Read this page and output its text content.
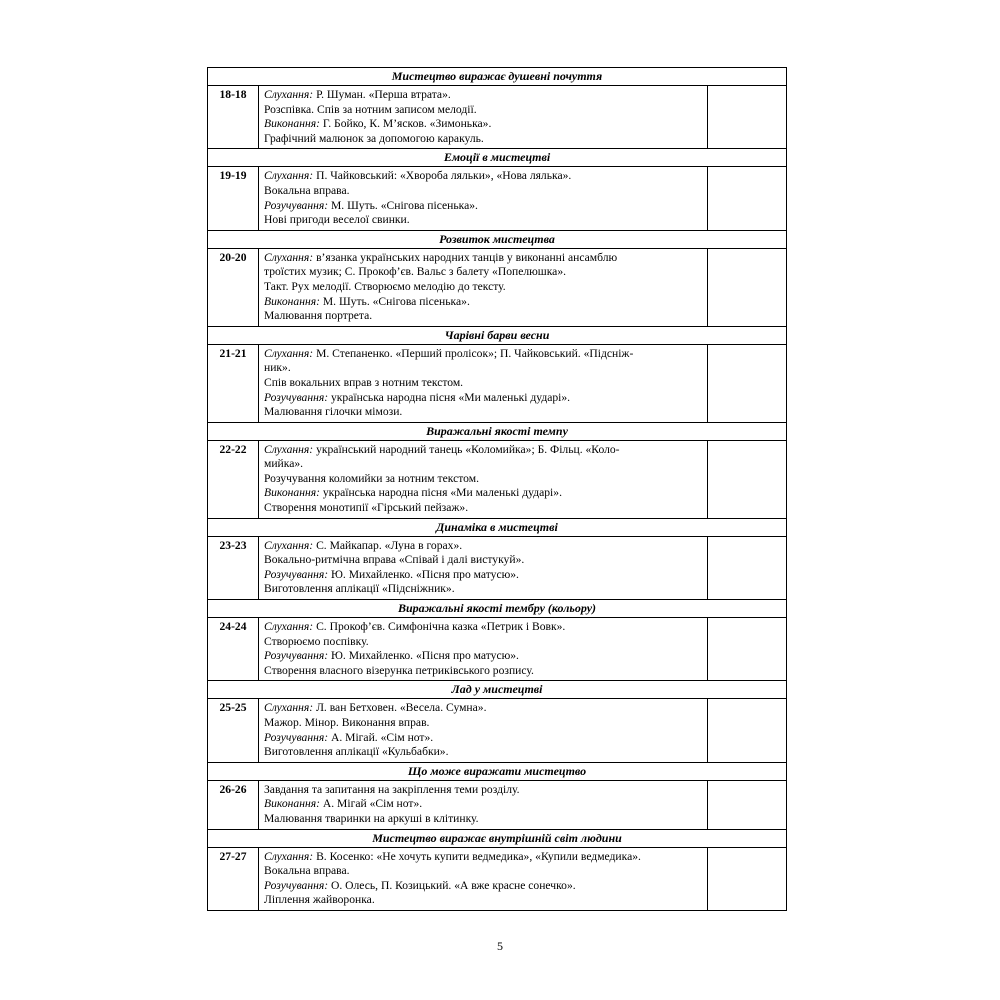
Мистецтво виражає душевні почуття		
18-18	Слухання: Р. Шуман. «Перша втрата».
Розспівка. Спів за нотним записом мелодії.
Виконання: Г. Бойко, К. М’ясков. «Зимонька».
Графічний малюнок за допомогою каракуль.	

Емоції в мистецтві		
19-19	Слухання: П. Чайковський: «Хвороба ляльки», «Нова лялька».
Вокальна вправа.
Розучування: М. Шуть. «Снігова пісенька».
Нові пригоди веселої свинки.	

Розвиток мистецтва		
20-20	Слухання: в’язанка українських народних танців у виконанні ансамблю
троїстих музик; С. Прокоф’єв. Вальс з балету «Попелюшка».
Такт. Рух мелодії. Створюємо мелодію до тексту.
Виконання: М. Шуть. «Снігова пісенька».
Малювання портрета.	

Чарівні барви весни		
21-21	Слухання: М. Степаненко. «Перший пролісок»; П. Чайковський. «Підсніж-
ник».
Спів вокальних вправ з нотним текстом.
Розучування: українська народна пісня «Ми маленькі дударі».
Малювання гілочки мімози.	

Виражальні якості темпу		
22-22	Слухання: український народний танець «Коломийка»; Б. Фільц. «Коло-
мийка».
Розучування коломийки за нотним текстом.
Виконання: українська народна пісня «Ми маленькі дударі».
Створення монотипії «Гірський пейзаж».	

Динаміка в мистецтві		
23-23	Слухання: С. Майкапар. «Луна в горах».
Вокально-ритмічна вправа «Співай і далі вистукуй».
Розучування: Ю. Михайленко. «Пісня про матусю».
Виготовлення аплікації «Підсніжник».	

Виражальні якості тембру (кольору)		
24-24	Слухання: С. Прокоф’єв. Симфонічна казка «Петрик і Вовк».
Створюємо поспівку.
Розучування: Ю. Михайленко. «Пісня про матусю».
Створення власного візерунка петриківського розпису.	

Лад у мистецтві		
25-25	Слухання: Л. ван Бетховен. «Весела. Сумна».
Мажор. Мінор. Виконання вправ.
Розучування: А. Мігай. «Сім нот».
Виготовлення аплікації «Кульбабки».	

Що може виражати мистецтво		
26-26	Завдання та запитання на закріплення теми розділу.
Виконання: А. Мігай «Сім нот».
Малювання тваринки на аркуші в клітинку.	

Мистецтво виражає внутрішній світ людини		
27-27	Слухання: В. Косенко: «Не хочуть купити ведмедика», «Купили ведмедика».
Вокальна вправа.
Розучування: О. Олесь, П. Козицький. «А вже красне сонечко».
Ліплення жайворонка.	

5
